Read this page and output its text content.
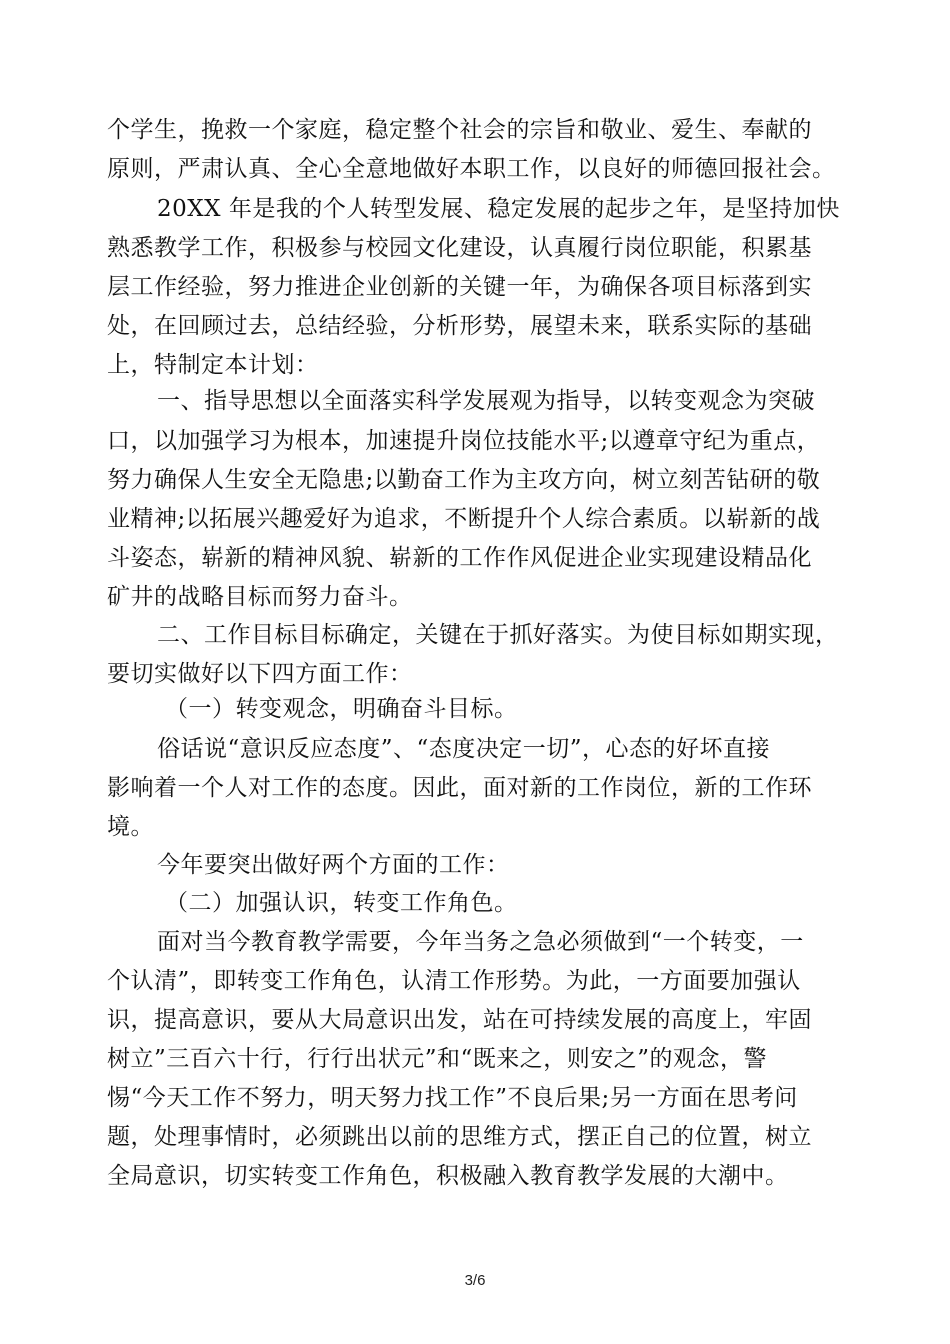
个学生，挽救一个家庭，稳定整个社会的宗旨和敬业、爱生、奉献的
原则，严肃认真、全心全意地做好本职工作，以良好的师德回报社会。
20XX 年是我的个人转型发展、稳定发展的起步之年，是坚持加快
熟悉教学工作，积极参与校园文化建设，认真履行岗位职能，积累基
层工作经验，努力推进企业创新的关键一年，为确保各项目标落到实
处，在回顾过去，总结经验，分析形势，展望未来，联系实际的基础
上，特制定本计划：
一、指导思想以全面落实科学发展观为指导，以转变观念为突破
口，以加强学习为根本，加速提升岗位技能水平;以遵章守纪为重点，
努力确保人生安全无隐患;以勤奋工作为主攻方向，树立刻苦钻研的敬
业精神;以拓展兴趣爱好为追求，不断提升个人综合素质。以崭新的战
斗姿态，崭新的精神风貌、崭新的工作作风促进企业实现建设精品化
矿井的战略目标而努力奋斗。
二、工作目标目标确定，关键在于抓好落实。为使目标如期实现，
要切实做好以下四方面工作：
（一）转变观念，明确奋斗目标。
俗话说“意识反应态度”、“态度决定一切”，心态的好坏直接
影响着一个人对工作的态度。因此，面对新的工作岗位，新的工作环
境。
今年要突出做好两个方面的工作：
（二）加强认识，转变工作角色。
面对当今教育教学需要，今年当务之急必须做到“一个转变，一
个认清”，即转变工作角色，认清工作形势。为此，一方面要加强认
识，提高意识，要从大局意识出发，站在可持续发展的高度上，牢固
树立”三百六十行，行行出状元”和“既来之，则安之”的观念，警
惕“今天工作不努力，明天努力找工作”不良后果;另一方面在思考问
题，处理事情时，必须跳出以前的思维方式，摆正自己的位置，树立
全局意识，切实转变工作角色，积极融入教育教学发展的大潮中。
3/6
